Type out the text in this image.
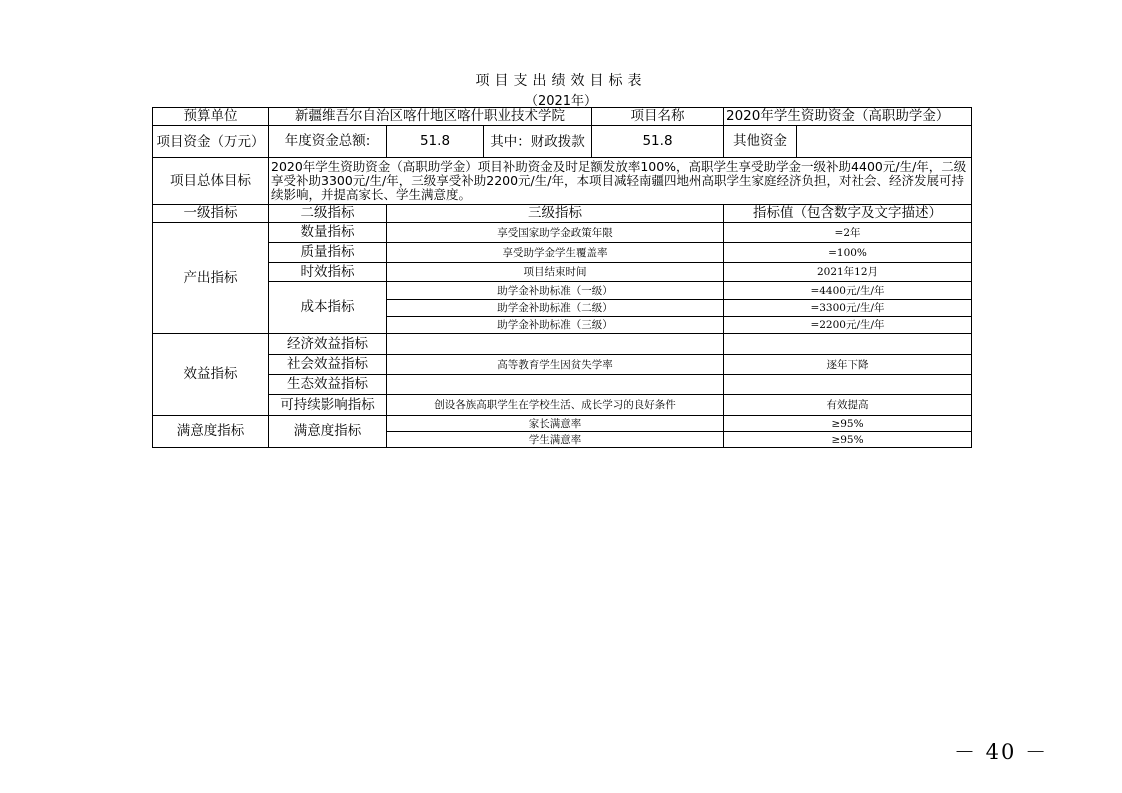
项目支出绩效目标表
（2021年）
预算单位	新疆维吾尔自治区喀什地区喀什职业技术学院			项目名称	2020年学生资助资金（高职助学金）	
项目资金（万元）	年度资金总额:	51.8	其中：财政拨款	51.8	其他资金	
项目总体目标	2020年学生资助资金（高职助学金）项目补助资金及时足额发放率100%，高职学生享受助学金一级补助4400元/生/年，二级享受补助3300元/生/年，三级享受补助2200元/生/年，本项目减轻南疆四地州高职学生家庭经济负担，对社会、经济发展可持续影响，并提高家长、学生满意度。					
一级指标	二级指标	三级指标			指标值（包含数字及文字描述）	
产出指标	数量指标	享受国家助学金政策年限			=2年	
	质量指标	享受助学金学生覆盖率			=100%	
	时效指标	项目结束时间			2021年12月	
	成本指标	助学金补助标准（一级）			=4400元/生/年	
		助学金补助标准（二级）			=3300元/生/年	
		助学金补助标准（三级）			=2200元/生/年	
效益指标	经济效益指标					
	社会效益指标	高等教育学生因贫失学率			逐年下降	
	生态效益指标					
	可持续影响指标	创设各族高职学生在学校生活、成长学习的良好条件			有效提高	
满意度指标	满意度指标	家长满意率			≥95%	
		学生满意率			≥95%	
－ 40 －
